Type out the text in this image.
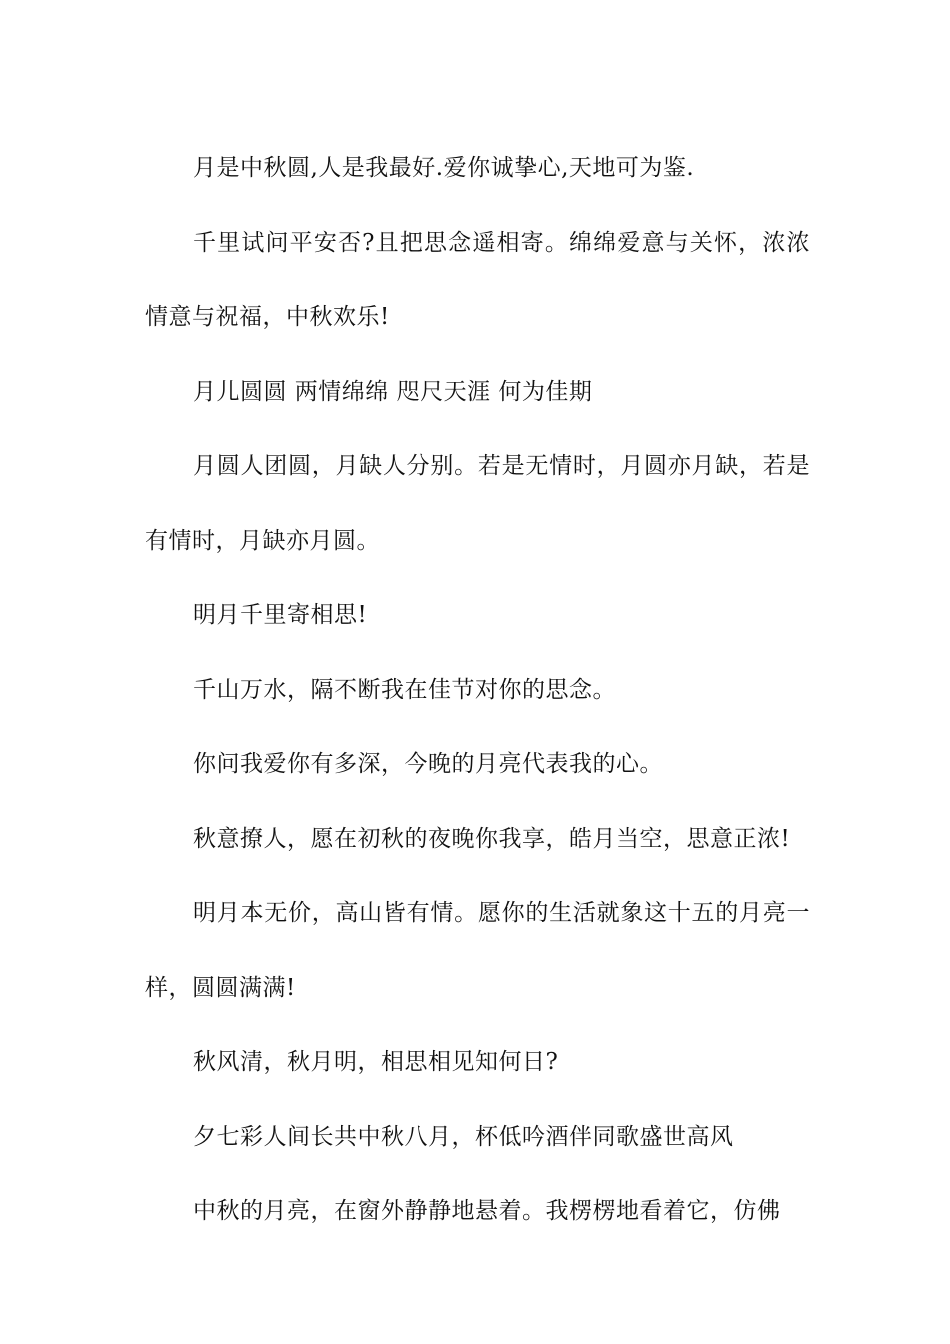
月是中秋圆,人是我最好.爱你诚挚心,天地可为鉴.

千里试问平安否?且把思念遥相寄。绵绵爱意与关怀，浓浓情意与祝福，中秋欢乐!

月儿圆圆 两情绵绵 咫尺天涯 何为佳期

月圆人团圆，月缺人分别。若是无情时，月圆亦月缺，若是有情时，月缺亦月圆。

明月千里寄相思!

千山万水，隔不断我在佳节对你的思念。

你问我爱你有多深，今晚的月亮代表我的心。

秋意撩人，愿在初秋的夜晚你我享，皓月当空，思意正浓!

明月本无价，高山皆有情。愿你的生活就象这十五的月亮一样，圆圆满满!

秋风清，秋月明，相思相见知何日?

夕七彩人间长共中秋八月，杯低吟酒伴同歌盛世高风

中秋的月亮，在窗外静静地悬着。我楞楞地看着它，仿佛
